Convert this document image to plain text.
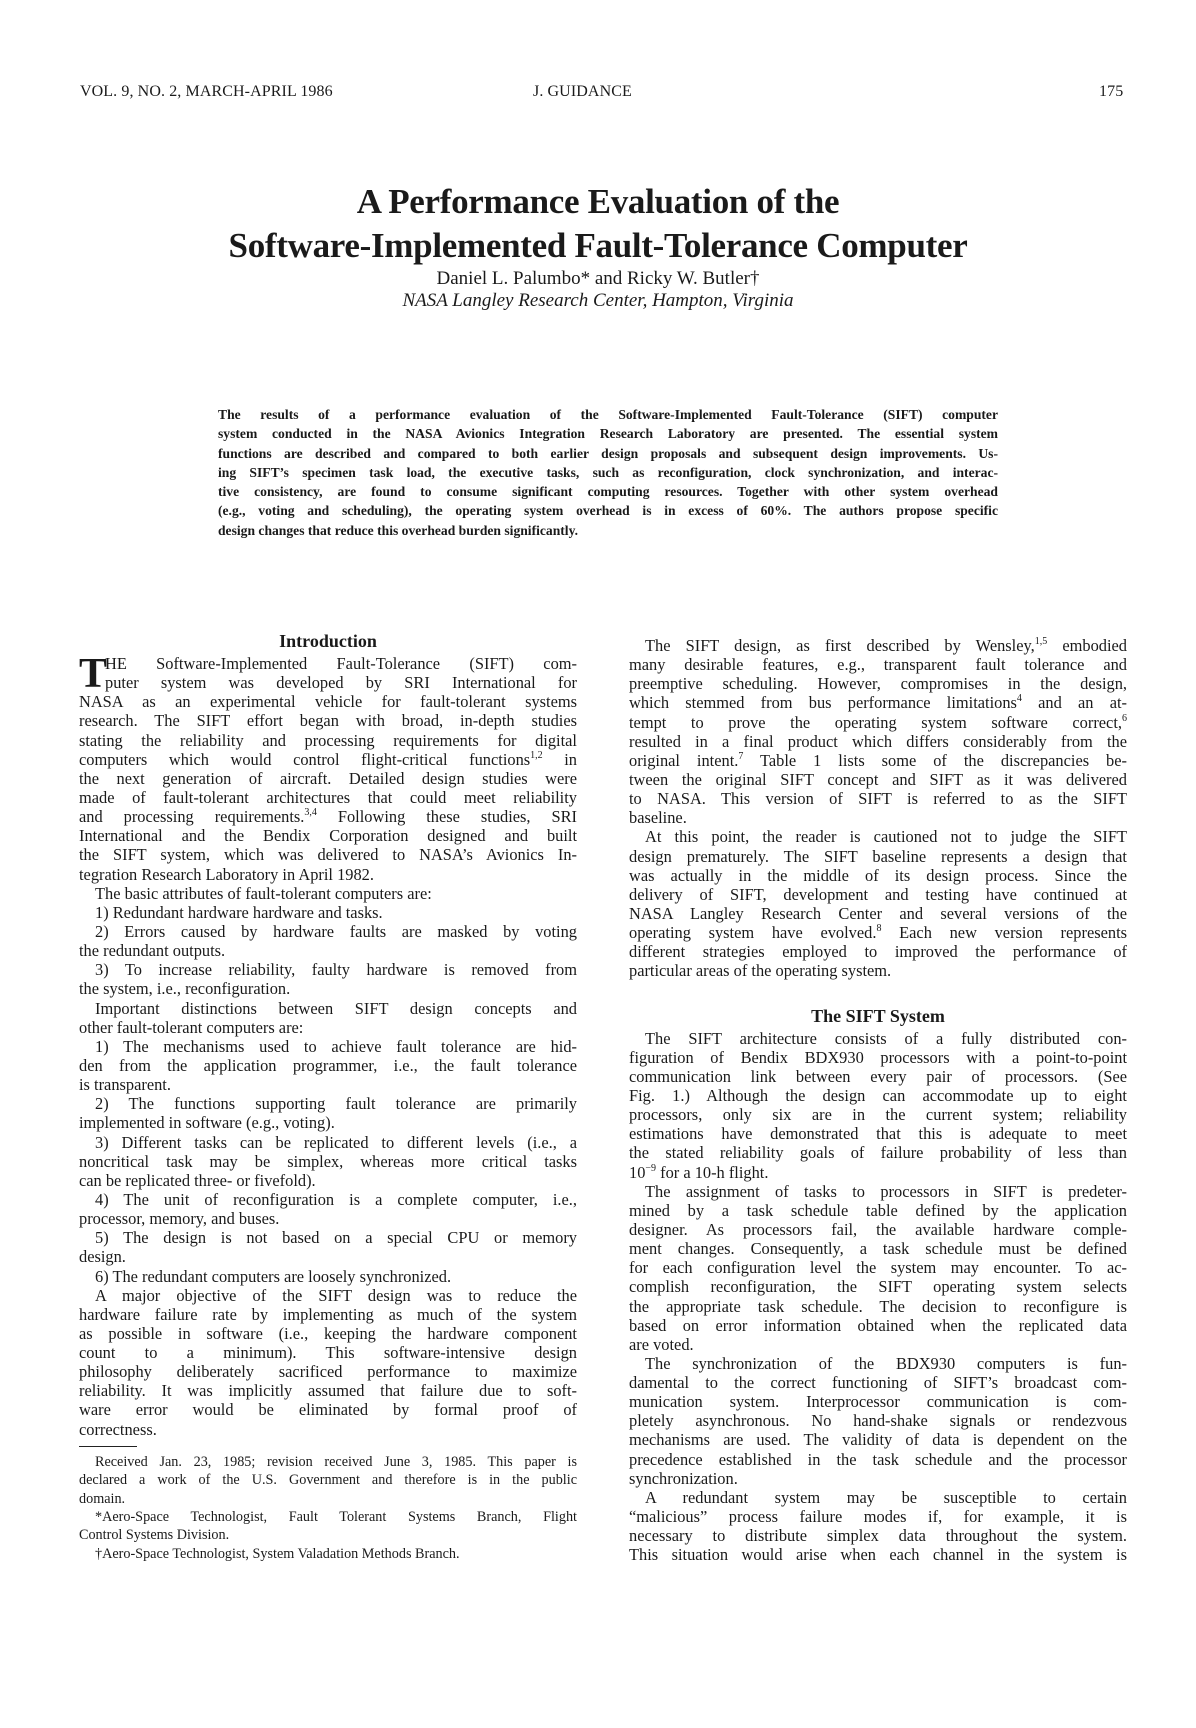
VOL. 9, NO. 2, MARCH-APRIL 1986	J. GUIDANCE	175
A Performance Evaluation of the
Software-Implemented Fault-Tolerance Computer
Daniel L. Palumbo* and Ricky W. Butler†
NASA Langley Research Center, Hampton, Virginia
The results of a performance evaluation of the Software-Implemented Fault-Tolerance (SIFT) computer
system conducted in the NASA Avionics Integration Research Laboratory are presented. The essential system
functions are described and compared to both earlier design proposals and subsequent design improvements. Us-
ing SIFT’s specimen task load, the executive tasks, such as reconfiguration, clock synchronization, and interac-
tive consistency, are found to consume significant computing resources. Together with other system overhead
(e.g., voting and scheduling), the operating system overhead is in excess of 60%. The authors propose specific
design changes that reduce this overhead burden significantly.
Introduction
T
HE Software-Implemented Fault-Tolerance (SIFT) com-
puter system was developed by SRI International for
NASA as an experimental vehicle for fault-tolerant systems
research. The SIFT effort began with broad, in-depth studies
stating the reliability and processing requirements for digital
computers which would control flight-critical functions$^{1,2}$ in
the next generation of aircraft. Detailed design studies were
made of fault-tolerant architectures that could meet reliability
and processing requirements.$^{3,4}$ Following these studies, SRI
International and the Bendix Corporation designed and built
the SIFT system, which was delivered to NASA’s Avionics In-
tegration Research Laboratory in April 1982.
The basic attributes of fault-tolerant computers are:
1) Redundant hardware hardware and tasks.
2) Errors caused by hardware faults are masked by voting
the redundant outputs.
3) To increase reliability, faulty hardware is removed from
the system, i.e., reconfiguration.
Important distinctions between SIFT design concepts and
other fault-tolerant computers are:
1) The mechanisms used to achieve fault tolerance are hid-
den from the application programmer, i.e., the fault tolerance
is transparent.
2) The functions supporting fault tolerance are primarily
implemented in software (e.g., voting).
3) Different tasks can be replicated to different levels (i.e., a
noncritical task may be simplex, whereas more critical tasks
can be replicated three- or fivefold).
4) The unit of reconfiguration is a complete computer, i.e.,
processor, memory, and buses.
5) The design is not based on a special CPU or memory
design.
6) The redundant computers are loosely synchronized.
A major objective of the SIFT design was to reduce the
hardware failure rate by implementing as much of the system
as possible in software (i.e., keeping the hardware component
count to a minimum). This software-intensive design
philosophy deliberately sacrificed performance to maximize
reliability. It was implicitly assumed that failure due to soft-
ware error would be eliminated by formal proof of
correctness.
Received Jan. 23, 1985; revision received June 3, 1985. This paper is
declared a work of the U.S. Government and therefore is in the public
domain.
*Aero-Space Technologist, Fault Tolerant Systems Branch, Flight
Control Systems Division.
†Aero-Space Technologist, System Valadation Methods Branch.
The SIFT design, as first described by Wensley,$^{1,5}$ embodied
many desirable features, e.g., transparent fault tolerance and
preemptive scheduling. However, compromises in the design,
which stemmed from bus performance limitations$^4$ and an at-
tempt to prove the operating system software correct,$^6$
resulted in a final product which differs considerably from the
original intent.$^7$ Table 1 lists some of the discrepancies be-
tween the original SIFT concept and SIFT as it was delivered
to NASA. This version of SIFT is referred to as the SIFT
baseline.
At this point, the reader is cautioned not to judge the SIFT
design prematurely. The SIFT baseline represents a design that
was actually in the middle of its design process. Since the
delivery of SIFT, development and testing have continued at
NASA Langley Research Center and several versions of the
operating system have evolved.$^8$ Each new version represents
different strategies employed to improved the performance of
particular areas of the operating system.
The SIFT System
The SIFT architecture consists of a fully distributed con-
figuration of Bendix BDX930 processors with a point-to-point
communication link between every pair of processors. (See
Fig. 1.) Although the design can accommodate up to eight
processors, only six are in the current system; reliability
estimations have demonstrated that this is adequate to meet
the stated reliability goals of failure probability of less than
$10^{-9}$ for a 10-h flight.
The assignment of tasks to processors in SIFT is predeter-
mined by a task schedule table defined by the application
designer. As processors fail, the available hardware comple-
ment changes. Consequently, a task schedule must be defined
for each configuration level the system may encounter. To ac-
complish reconfiguration, the SIFT operating system selects
the appropriate task schedule. The decision to reconfigure is
based on error information obtained when the replicated data
are voted.
The synchronization of the BDX930 computers is fun-
damental to the correct functioning of SIFT’s broadcast com-
munication system. Interprocessor communication is com-
pletely asynchronous. No hand-shake signals or rendezvous
mechanisms are used. The validity of data is dependent on the
precedence established in the task schedule and the processor
synchronization.
A redundant system may be susceptible to certain
“malicious” process failure modes if, for example, it is
necessary to distribute simplex data throughout the system.
This situation would arise when each channel in the system is
